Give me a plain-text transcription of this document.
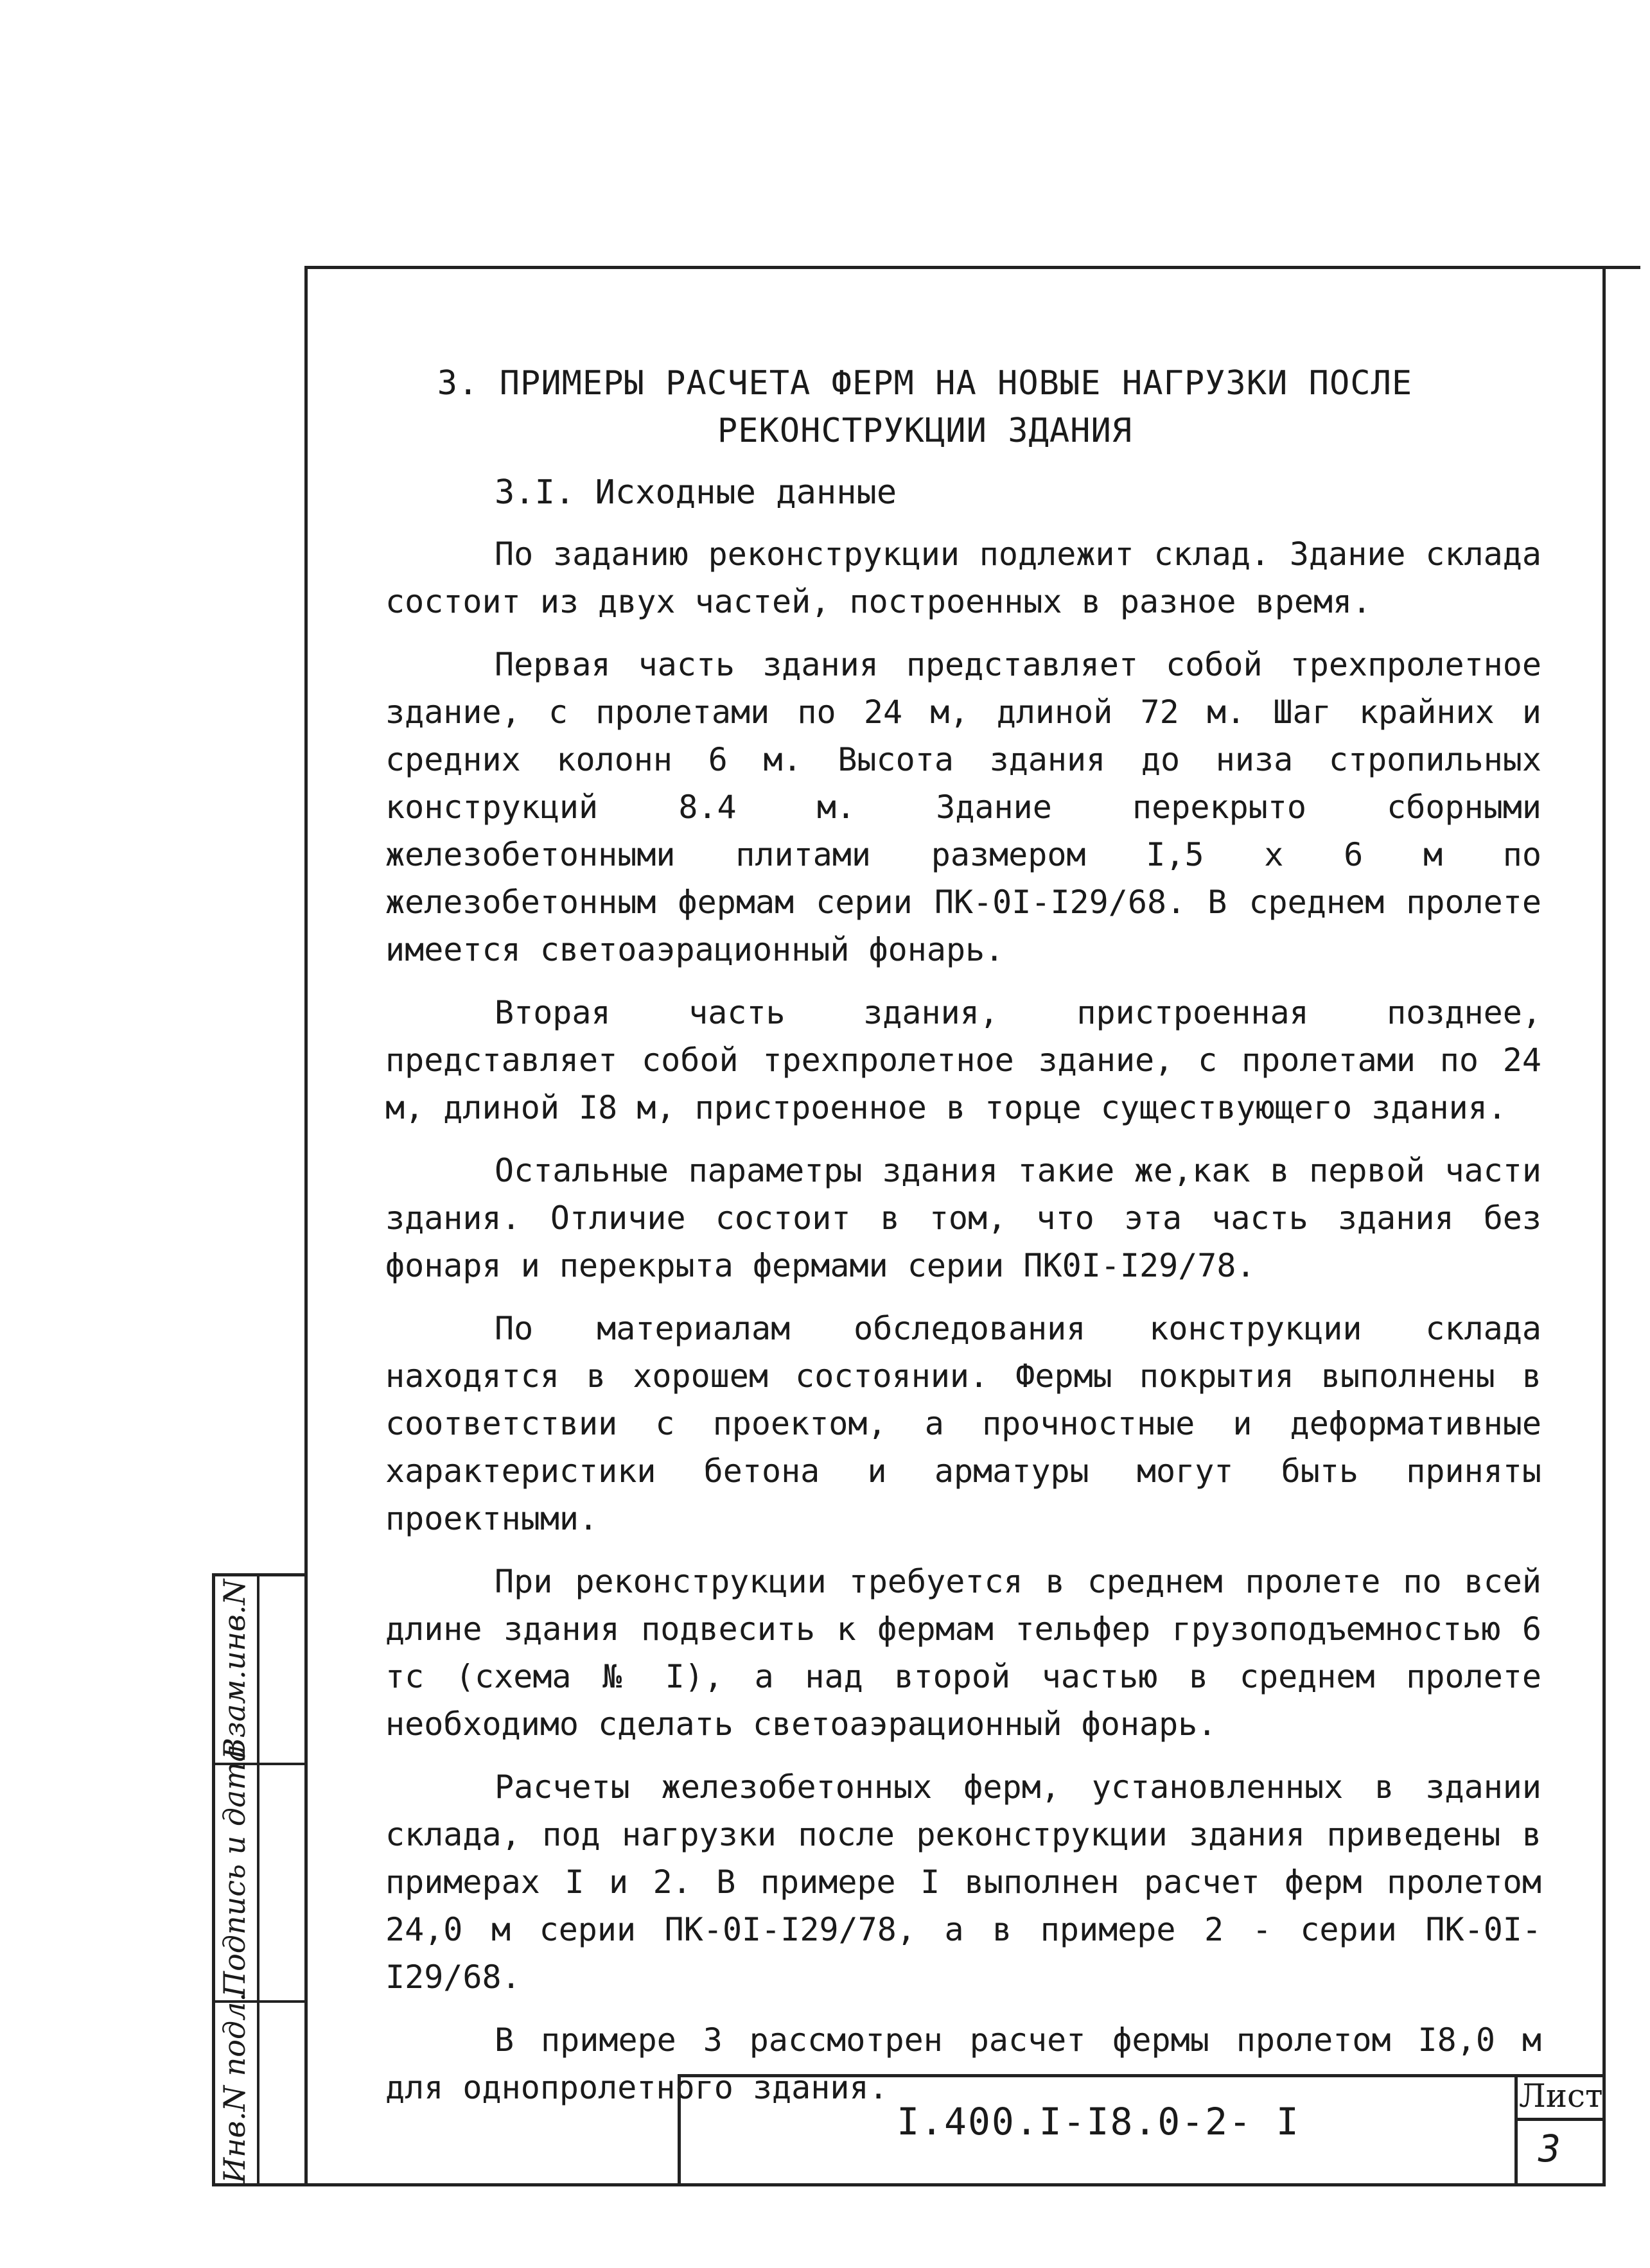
Взам.инв.N
Подпись и дата
Инв.N подл.
3. ПРИМЕРЫ РАСЧЕТА ФЕРМ НА НОВЫЕ НАГРУЗКИ ПОСЛЕ
РЕКОНСТРУКЦИИ ЗДАНИЯ
3.I. Исходные данные

По заданию реконструкции подлежит склад. Здание склада состоит из двух частей, построенных в разное время.

Первая часть здания представляет собой трехпролетное здание, с пролетами по 24 м, длиной 72 м. Шаг крайних и средних колонн 6 м. Высота здания до низа стропильных конструкций 8.4 м. Здание перекрыто сборными железобетонными плитами размером I,5 х 6 м по железобетонным фермам серии ПК-0I-I29/68. В среднем пролете имеется светоаэрационный фонарь.

Вторая часть здания, пристроенная позднее, представляет собой трехпролетное здание, с пролетами по 24 м, длиной I8 м, пристроенное в торце существующего здания.

Остальные параметры здания такие же,как в первой части здания. Отличие состоит в том, что эта часть здания без фонаря и перекрыта фермами серии ПК0I-I29/78.

По материалам обследования конструкции склада находятся в хорошем состоянии. Фермы покрытия выполнены в соответствии с проектом, а прочностные и деформативные характеристики бетона и арматуры могут быть приняты проектными.

При реконструкции требуется в среднем пролете по всей длине здания подвесить к фермам тельфер грузоподъемностью 6 тс (схема № I), а над второй частью в среднем пролете необходимо сделать светоаэрационный фонарь.

Расчеты железобетонных ферм, установленных в здании склада, под нагрузки после реконструкции здания приведены в примерах I и 2. В примере I выполнен расчет ферм пролетом 24,0 м серии ПК-0I-I29/78, а в примере 2 - серии ПК-0I-I29/68.

В примере 3 рассмотрен расчет фермы пролетом I8,0 м для однопролетного здания.

I.400.I-I8.0-2- I
Лист
3
